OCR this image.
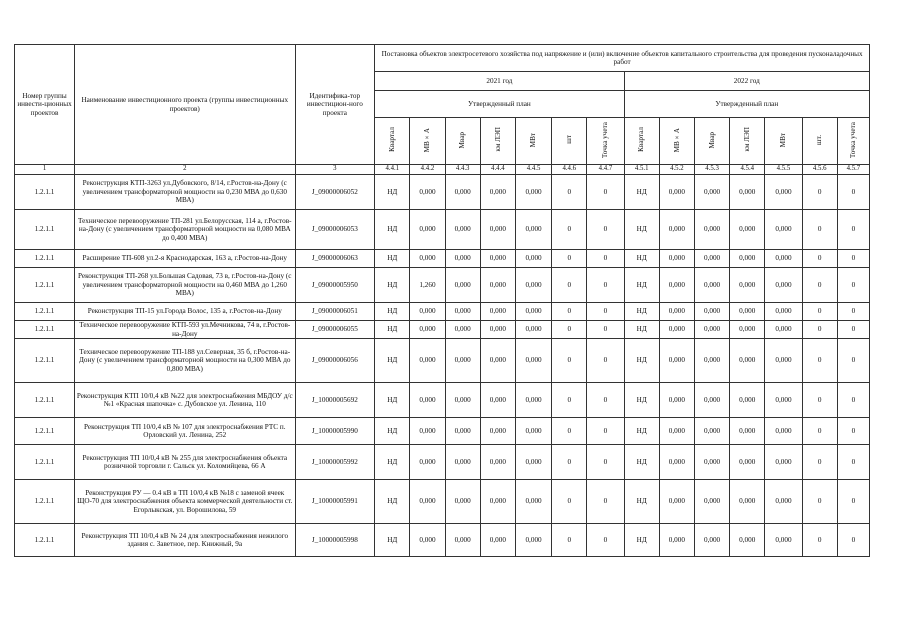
Номер группы инвести-ционных проектов	Наименование инвестиционного проекта (группы инвестиционных проектов)	Идентифика-тор инвестицион-ного проекта	Постановка объектов электросетевого хозяйства под напряжение и (или) включение объектов капитального строительства для проведения пусконаладочных работ													
			2021 год							2022 год						
			Утвержденный план							Утвержденный план						
			Квартал	МВ×А	Мвар	км ЛЭП	МВт	шт	Точка учета	Квартал	МВ×А	Мвар	км ЛЭП	МВт	шт.	Точка учета
1	2	3	4.4.1	4.4.2	4.4.3	4.4.4	4.4.5	4.4.6	4.4.7	4.5.1	4.5.2	4.5.3	4.5.4	4.5.5	4.5.6	4.5.7
1.2.1.1	Реконструкция КТП-3263 ул.Дубовского, 8/14, г.Ростов-на-Дону (с увеличением трансформаторной мощности на 0,230 МВА до 0,630 МВА)	J_09000006052	НД	0,000	0,000	0,000	0,000	0	0	НД	0,000	0,000	0,000	0,000	0	0
1.2.1.1	Техническое перевооружение ТП-281 ул.Белорусская, 114 а, г.Ростов-на-Дону (с увеличением трансформаторной мощности на 0,080 МВА до 0,400 МВА)	J_09000006053	НД	0,000	0,000	0,000	0,000	0	0	НД	0,000	0,000	0,000	0,000	0	0
1.2.1.1	Расширение ТП-608 ул.2-я Краснодарская, 163 а, г.Ростов-на-Дону	J_09000006063	НД	0,000	0,000	0,000	0,000	0	0	НД	0,000	0,000	0,000	0,000	0	0
1.2.1.1	Реконструкция ТП-268 ул.Большая Садовая, 73 в, г.Ростов-на-Дону (с увеличением трансформаторной мощности на 0,460 МВА до 1,260 МВА)	J_09000005950	НД	1,260	0,000	0,000	0,000	0	0	НД	0,000	0,000	0,000	0,000	0	0
1.2.1.1	Реконструкция ТП-15 ул.Города Волос, 135 а, г.Ростов-на-Дону	J_09000006051	НД	0,000	0,000	0,000	0,000	0	0	НД	0,000	0,000	0,000	0,000	0	0
1.2.1.1	Техническое перевооружение КТП-593 ул.Мечникова, 74 в, г.Ростов-на-Дону	J_09000006055	НД	0,000	0,000	0,000	0,000	0	0	НД	0,000	0,000	0,000	0,000	0	0
1.2.1.1	Техническое перевооружение ТП-188 ул.Северная, 35 б, г.Ростов-на-Дону (с увеличением трансформаторной мощности на 0,300 МВА до 0,800 МВА)	J_09000006056	НД	0,000	0,000	0,000	0,000	0	0	НД	0,000	0,000	0,000	0,000	0	0
1.2.1.1	Реконструкция КТП 10/0,4 кВ №22 для электроснабжения МБДОУ д/с №1 «Красная шапочка» с. Дубовское ул. Ленина, 110	J_10000005692	НД	0,000	0,000	0,000	0,000	0	0	НД	0,000	0,000	0,000	0,000	0	0
1.2.1.1	Реконструкция ТП 10/0,4 кВ № 107 для электроснабжения РТС п. Орловский ул. Ленина, 252	J_10000005990	НД	0,000	0,000	0,000	0,000	0	0	НД	0,000	0,000	0,000	0,000	0	0
1.2.1.1	Реконструкция ТП 10/0,4 кВ № 255 для электроснабжения объекта розничной торговли г. Сальск ул. Коломийцева, 66 А	J_10000005992	НД	0,000	0,000	0,000	0,000	0	0	НД	0,000	0,000	0,000	0,000	0	0
1.2.1.1	Реконструкция РУ — 0.4 кВ в ТП 10/0,4 кВ №18 с заменой ячеек ЩО-70 для электроснабжения объекта коммерческой деятельности ст. Егорлыкская, ул. Ворошилова, 59	J_10000005991	НД	0,000	0,000	0,000	0,000	0	0	НД	0,000	0,000	0,000	0,000	0	0
1.2.1.1	Реконструкция ТП 10/0,4 кВ № 24 для электроснабжения нежилого здания с. Заветное, пер. Книжный, 9а	J_10000005998	НД	0,000	0,000	0,000	0,000	0	0	НД	0,000	0,000	0,000	0,000	0	0
